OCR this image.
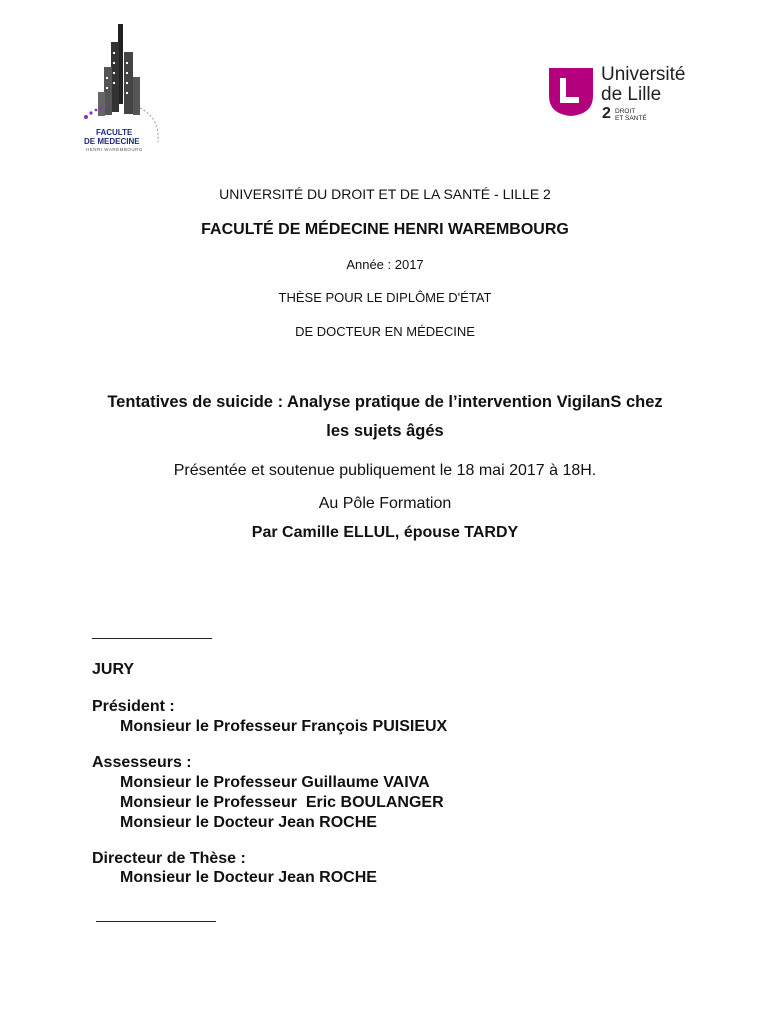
FACULTE
DE MEDECINE
HENRI WAREMBOURG
Université
de Lille
2 DROIT
ET SANTÉ
UNIVERSITÉ DU DROIT ET DE LA SANTÉ - LILLE 2
FACULTÉ DE MÉDECINE HENRI WAREMBOURG
Année : 2017
THÈSE POUR LE DIPLÔME D'ÉTAT
DE DOCTEUR EN MÉDECINE
Tentatives de suicide : Analyse pratique de l’intervention VigilanS chez
les sujets âgés
Présentée et soutenue publiquement le 18 mai 2017 à 18H.
Au Pôle Formation
Par Camille ELLUL, épouse TARDY
JURY
Président :
Monsieur le Professeur François PUISIEUX
Assesseurs :
Monsieur le Professeur Guillaume VAIVA
Monsieur le Professeur  Eric BOULANGER
Monsieur le Docteur Jean ROCHE
Directeur de Thèse :
Monsieur le Docteur Jean ROCHE
